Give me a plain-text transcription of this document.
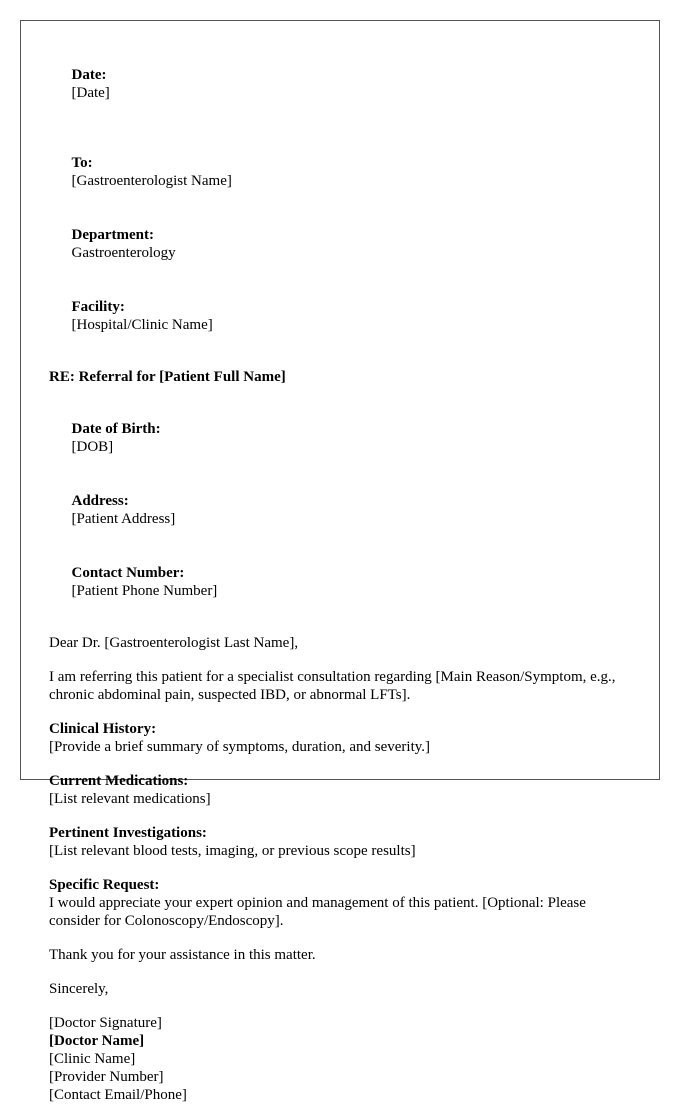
Date:
[Date]

To:
[Gastroenterologist Name]

Department:
Gastroenterology

Facility:
[Hospital/Clinic Name]

RE: Referral for [Patient Full Name]

Date of Birth:
[DOB]

Address:
[Patient Address]

Contact Number:
[Patient Phone Number]

Dear Dr. [Gastroenterologist Last Name],
I am referring this patient for a specialist consultation regarding [Main Reason/Symptom, e.g., chronic abdominal pain, suspected IBD, or abnormal LFTs].
Clinical History:
[Provide a brief summary of symptoms, duration, and severity.]
Current Medications:
[List relevant medications]
Pertinent Investigations:
[List relevant blood tests, imaging, or previous scope results]
Specific Request:
I would appreciate your expert opinion and management of this patient. [Optional: Please consider for Colonoscopy/Endoscopy].
Thank you for your assistance in this matter.
Sincerely,
[Doctor Signature]
[Doctor Name]
[Clinic Name]
[Provider Number]
[Contact Email/Phone]
